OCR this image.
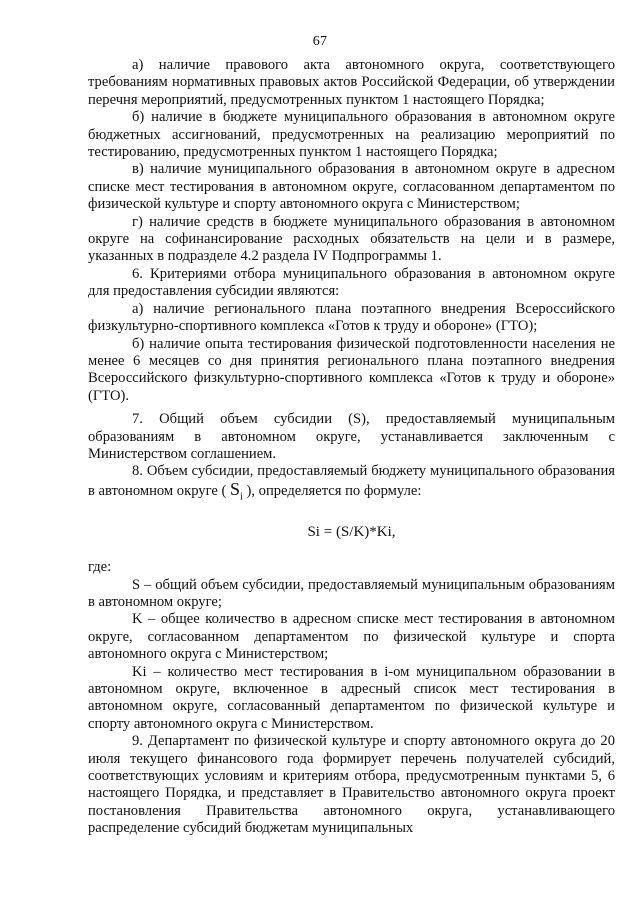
67

а) наличие правового акта автономного округа, соответствующего требованиям нормативных правовых актов Российской Федерации, об утверждении перечня мероприятий, предусмотренных пунктом 1 настоящего Порядка;

б) наличие в бюджете муниципального образования в автономном округе бюджетных ассигнований, предусмотренных на реализацию мероприятий по тестированию, предусмотренных пунктом 1 настоящего Порядка;

в) наличие муниципального образования в автономном округе в адресном списке мест тестирования в автономном округе, согласованном департаментом по физической культуре и спорту автономного округа с Министерством;

г) наличие средств в бюджете муниципального образования в автономном округе на софинансирование расходных обязательств на цели и в размере, указанных в подразделе 4.2 раздела IV Подпрограммы 1.

6. Критериями отбора муниципального образования в автономном округе для предоставления субсидии являются:

а) наличие регионального плана поэтапного внедрения Всероссийского физкультурно-спортивного комплекса «Готов к труду и обороне» (ГТО);

б) наличие опыта тестирования физической подготовленности населения не менее 6 месяцев со дня принятия регионального плана поэтапного внедрения Всероссийского физкультурно-спортивного комплекса «Готов к труду и обороне» (ГТО).

7. Общий объем субсидии (S), предоставляемый муниципальным образованиям в автономном округе, устанавливается заключенным с Министерством соглашением.

8. Объем субсидии, предоставляемый бюджету муниципального образования в автономном округе ( $S_i$ ), определяется по формуле:

Si = (S/K)*Ki,

где:

S – общий объем субсидии, предоставляемый муниципальным образованиям в автономном округе;

K – общее количество в адресном списке мест тестирования в автономном округе, согласованном департаментом по физической культуре и спорта автономного округа с Министерством;

Ki – количество мест тестирования в i-ом муниципальном образовании в автономном округе, включенное в адресный список мест тестирования в автономном округе, согласованный департаментом по физической культуре и спорту автономного округа с Министерством.

9. Департамент по физической культуре и спорту автономного округа до 20 июля текущего финансового года формирует перечень получателей субсидий, соответствующих условиям и критериям отбора, предусмотренным пунктами 5, 6 настоящего Порядка, и представляет в Правительство автономного округа проект постановления Правительства автономного округа, устанавливающего распределение субсидий бюджетам муниципальных
